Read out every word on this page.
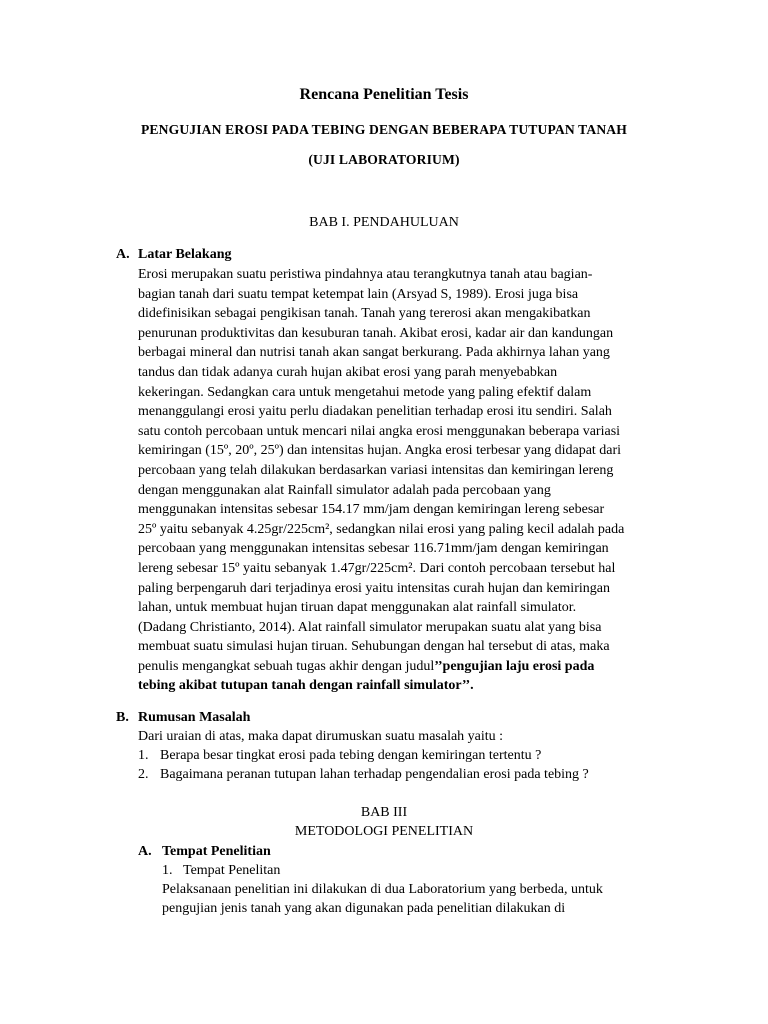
Rencana Penelitian Tesis
PENGUJIAN EROSI PADA TEBING DENGAN BEBERAPA TUTUPAN TANAH
(UJI LABORATORIUM)
BAB I. PENDAHULUAN
A. Latar Belakang
Erosi merupakan suatu peristiwa pindahnya atau terangkutnya tanah atau bagian-
bagian tanah dari suatu tempat ketempat lain (Arsyad S, 1989). Erosi juga bisa
didefinisikan sebagai pengikisan tanah. Tanah yang tererosi akan mengakibatkan
penurunan produktivitas dan kesuburan tanah. Akibat erosi, kadar air dan kandungan
berbagai mineral dan nutrisi tanah akan sangat berkurang. Pada akhirnya lahan yang
tandus dan tidak adanya curah hujan akibat erosi yang parah menyebabkan
kekeringan. Sedangkan cara untuk mengetahui metode yang paling efektif dalam
menanggulangi erosi yaitu perlu diadakan penelitian terhadap erosi itu sendiri. Salah
satu contoh percobaan untuk mencari nilai angka erosi menggunakan beberapa variasi
kemiringan (15º, 20º, 25º) dan intensitas hujan. Angka erosi terbesar yang didapat dari
percobaan yang telah dilakukan berdasarkan variasi intensitas dan kemiringan lereng
dengan menggunakan alat Rainfall simulator adalah pada percobaan yang
menggunakan intensitas sebesar 154.17 mm/jam dengan kemiringan lereng sebesar
25º yaitu sebanyak 4.25gr/225cm², sedangkan nilai erosi yang paling kecil adalah pada
percobaan yang menggunakan intensitas sebesar 116.71mm/jam dengan kemiringan
lereng sebesar 15º yaitu sebanyak 1.47gr/225cm². Dari contoh percobaan tersebut hal
paling berpengaruh dari terjadinya erosi yaitu intensitas curah hujan dan kemiringan
lahan, untuk membuat hujan tiruan dapat menggunakan alat rainfall simulator.
(Dadang Christianto, 2014). Alat rainfall simulator merupakan suatu alat yang bisa
membuat suatu simulasi hujan tiruan. Sehubungan dengan hal tersebut di atas, maka
penulis mengangkat sebuah tugas akhir dengan judul’’pengujian laju erosi pada
tebing akibat tutupan tanah dengan rainfall simulator’’.
B. Rumusan Masalah
Dari uraian di atas, maka dapat dirumuskan suatu masalah yaitu :
1. Berapa besar tingkat erosi pada tebing dengan kemiringan tertentu ?
2. Bagaimana peranan tutupan lahan terhadap pengendalian erosi pada tebing ?
BAB III
METODOLOGI PENELITIAN
A. Tempat Penelitian
1. Tempat Penelitan
Pelaksanaan penelitian ini dilakukan di dua Laboratorium yang berbeda, untuk
pengujian jenis tanah yang akan digunakan pada penelitian dilakukan di
